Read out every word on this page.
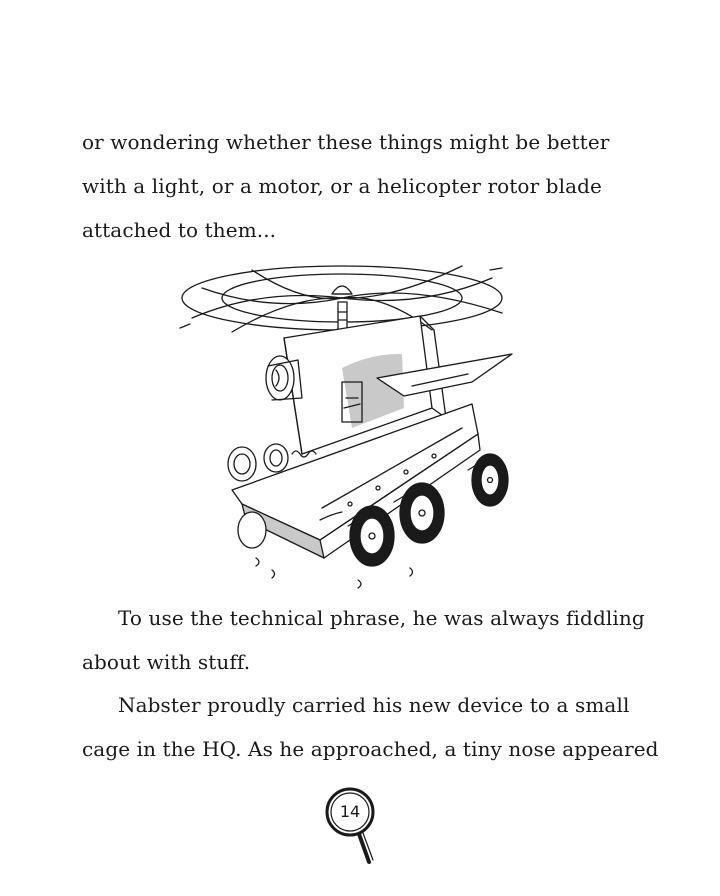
or wondering whether these things might be better
with a light, or a motor, or a helicopter rotor blade
attached to them...
To use the technical phrase, he was always fiddling
about with stuff.
Nabster proudly carried his new device to a small
cage in the HQ. As he approached, a tiny nose appeared
14
